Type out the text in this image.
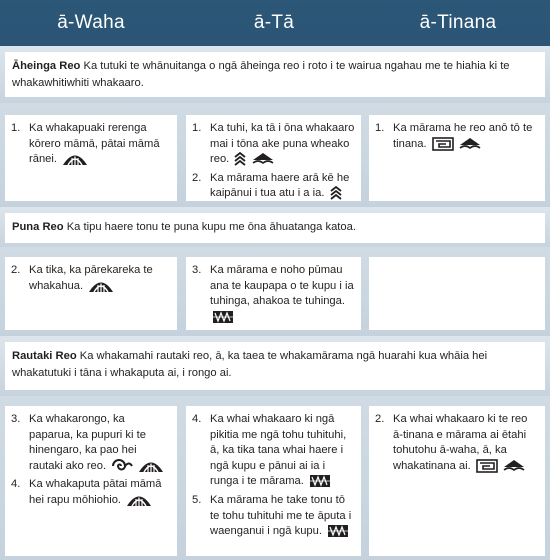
ā-Waha	ā-Tā	ā-Tinana
Āheinga Reo Ka tutuki te whānuitanga o ngā āheinga reo i roto i te wairua ngahau me te hiahia ki te whakawhitiwhiti whakaaro.
1. Ka whakapuaki rerenga kōrero māmā, pātai māmā rānei.
1. Ka tuhi, ka tā i ōna whakaaro mai i tōna ake puna wheako reo.

2. Ka mārama haere arā kē he kaipānui i tua atu i a ia.
1. Ka mārama he reo anō tō te tinana.

Puna Reo Ka tipu haere tonu te puna kupu me ōna āhuatanga katoa.
2. Ka tika, ka pārekareka te whakahua.
3. Ka mārama e noho pūmau ana te kaupapa o te kupu i ia tuhinga, ahakoa te tuhinga.
Rautaki Reo Ka whakamahi rautaki reo, ā, ka taea te whakamārama ngā huarahi kua whāia hei whakatutuki i tāna i whakaputa ai, i rongo ai.
3. Ka whakarongo, ka paparua, ka pupuri ki te hinengaro, ka pao hei rautaki ako reo.

4. Ka whakaputa pātai māmā hei rapu mōhiohio.
4. Ka whai whakaaro ki ngā pikitia me ngā tohu tuhituhi, ā, ka tika tana whai haere i ngā kupu e pānui ai ia i runga i te mārama.
5. Ka mārama he take tonu tō te tohu tuhituhi me te āputa i waenganui i ngā kupu.
2. Ka whai whakaaro ki te reo ā-tinana e mārama ai ētahi tohutohu ā-waha, ā, ka whakatinana ai.
